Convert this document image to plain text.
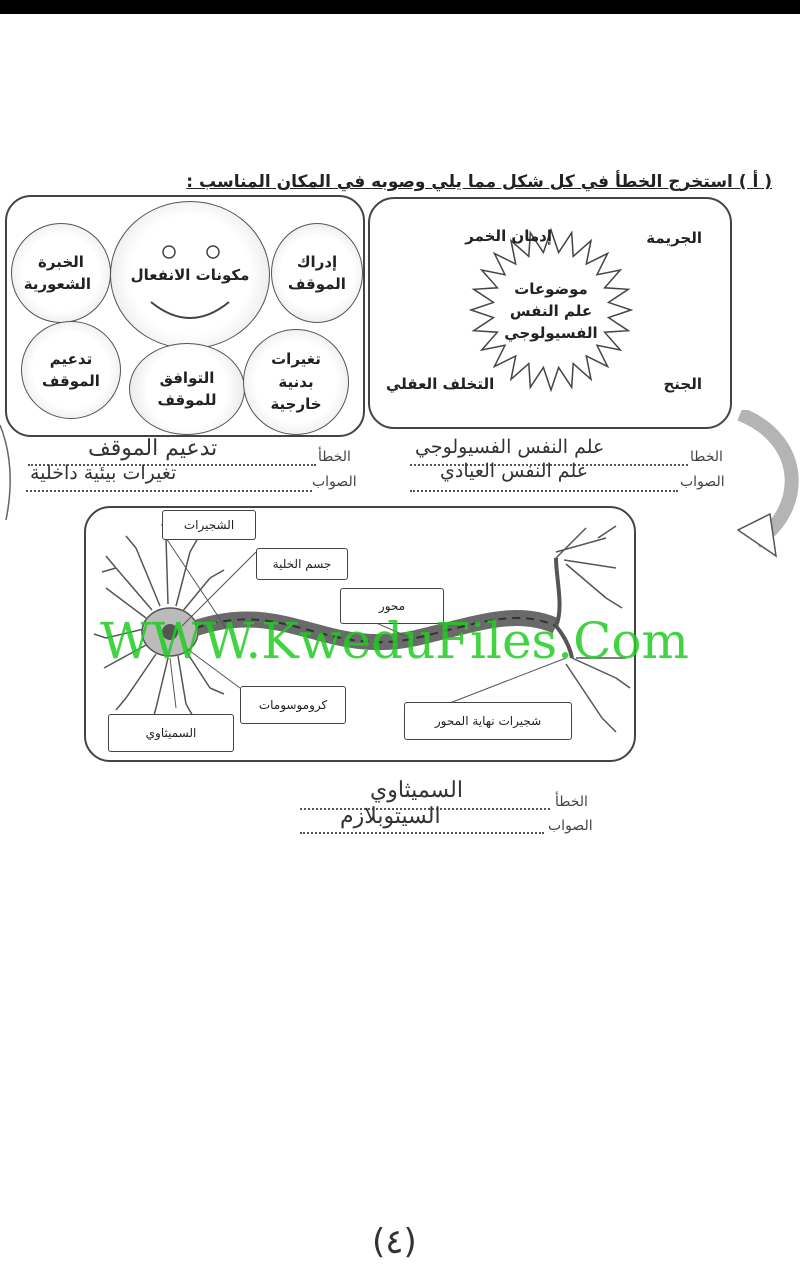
( أ ) استخرج الخطأ في كل شكل مما يلي وصوبه في المكان المناسب :
مكونات الانفعال
الخبرة الشعورية
إدراك الموقف
تدعيم الموقف	التوافق للموقف
تغيرات بدنية خارجية
موضوعات علم النفس الفسيولوجي
الجريمة
إدمان الخمر
التخلف العقلي	الجنح
الخطأ
تدعيم الموقف
الصواب
تغيرات بيئية داخلية
الخطا
علم النفس الفسيولوجي
الصواب
علم النفس العيادي
الشجيرات
جسم الخلية
محور
كروموسومات
السميثاوي
شجيرات نهاية المحور
WWW.KweduFiles.Com
الخطأ
السميثاوي
الصواب
السيتوبلازم
(٤)
